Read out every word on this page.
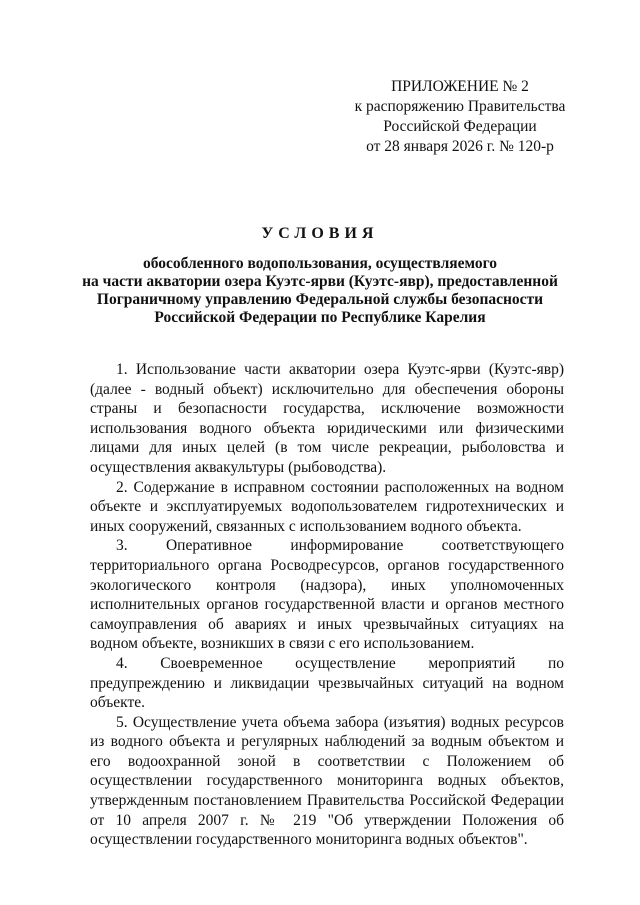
ПРИЛОЖЕНИЕ № 2
к распоряжению Правительства
Российской Федерации
от 28 января 2026 г. № 120-р
УСЛОВИЯ
обособленного водопользования, осуществляемого
на части акватории озера Куэтс-ярви (Куэтс-явр), предоставленной
Пограничному управлению Федеральной службы безопасности
Российской Федерации по Республике Карелия

1. Использование части акватории озера Куэтс-ярви (Куэтс-явр) (далее - водный объект) исключительно для обеспечения обороны страны и безопасности государства, исключение возможности использования водного объекта юридическими или физическими лицами для иных целей (в том числе рекреации, рыболовства и осуществления аквакультуры (рыбоводства).

2. Содержание в исправном состоянии расположенных на водном объекте и эксплуатируемых водопользователем гидротехнических и иных сооружений, связанных с использованием водного объекта.

3. Оперативное информирование соответствующего территориального органа Росводресурсов, органов государственного экологического контроля (надзора), иных уполномоченных исполнительных органов государственной власти и органов местного самоуправления об авариях и иных чрезвычайных ситуациях на водном объекте, возникших в связи с его использованием.

4. Своевременное осуществление мероприятий по предупреждению и ликвидации чрезвычайных ситуаций на водном объекте.

5. Осуществление учета объема забора (изъятия) водных ресурсов из водного объекта и регулярных наблюдений за водным объектом и его водоохранной зоной в соответствии с Положением об осуществлении государственного мониторинга водных объектов, утвержденным постановлением Правительства Российской Федерации от 10 апреля 2007 г. № 219 "Об утверждении Положения об осуществлении государственного мониторинга водных объектов".
